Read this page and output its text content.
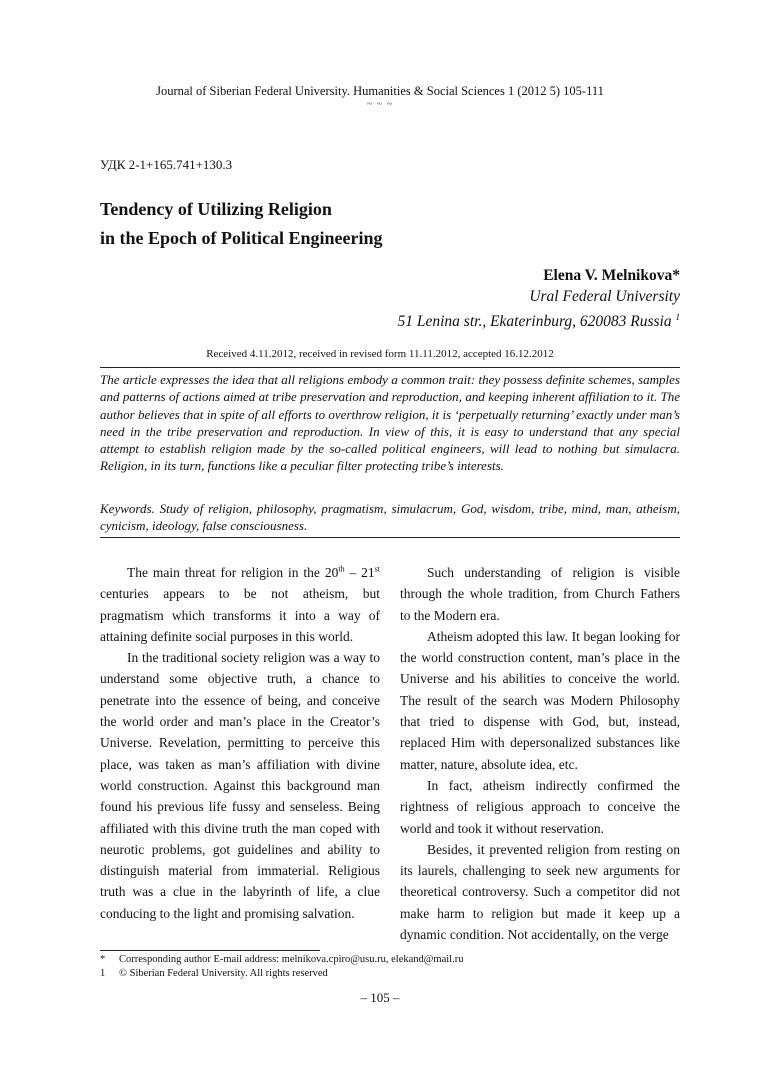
Journal of Siberian Federal University. Humanities & Social Sciences 1 (2012 5) 105-111
~ ~ ~
УДК 2-1+165.741+130.3
Tendency of Utilizing Religion
in the Epoch of Political Engineering
Elena V. Melnikova*
Ural Federal University
51 Lenina str., Ekaterinburg, 620083 Russia $^1$
Received 4.11.2012, received in revised form 11.11.2012, accepted 16.12.2012
The article expresses the idea that all religions embody a common trait: they possess definite schemes, samples and patterns of actions aimed at tribe preservation and reproduction, and keeping inherent affiliation to it. The author believes that in spite of all efforts to overthrow religion, it is ‘perpetually returning’ exactly under man’s need in the tribe preservation and reproduction. In view of this, it is easy to understand that any special attempt to establish religion made by the so-called political engineers, will lead to nothing but simulacra. Religion, in its turn, functions like a peculiar filter protecting tribe’s interests.
Keywords. Study of religion, philosophy, pragmatism, simulacrum, God, wisdom, tribe, mind, man, atheism, cynicism, ideology, false consciousness.

The main threat for religion in the 20th – 21st centuries appears to be not atheism, but pragmatism which transforms it into a way of attaining definite social purposes in this world.

In the traditional society religion was a way to understand some objective truth, a chance to penetrate into the essence of being, and conceive the world order and man’s place in the Creator’s Universe. Revelation, permitting to perceive this place, was taken as man’s affiliation with divine world construction. Against this background man found his previous life fussy and senseless. Being affiliated with this divine truth the man coped with neurotic problems, got guidelines and ability to distinguish material from immaterial. Religious truth was a clue in the labyrinth of life, a clue conducing to the light and promising salvation.

Such understanding of religion is visible through the whole tradition, from Church Fathers to the Modern era.

Atheism adopted this law. It began looking for the world construction content, man’s place in the Universe and his abilities to conceive the world. The result of the search was Modern Philosophy that tried to dispense with God, but, instead, replaced Him with depersonalized substances like matter, nature, absolute idea, etc.

In fact, atheism indirectly confirmed the rightness of religious approach to conceive the world and took it without reservation.

Besides, it prevented religion from resting on its laurels, challenging to seek new arguments for theoretical controversy. Such a competitor did not make harm to religion but made it keep up a dynamic condition. Not accidentally, on the verge

* Corresponding author E-mail address: melnikova.cpiro@usu.ru, elekand@mail.ru
1 © Siberian Federal University. All rights reserved
– 105 –
